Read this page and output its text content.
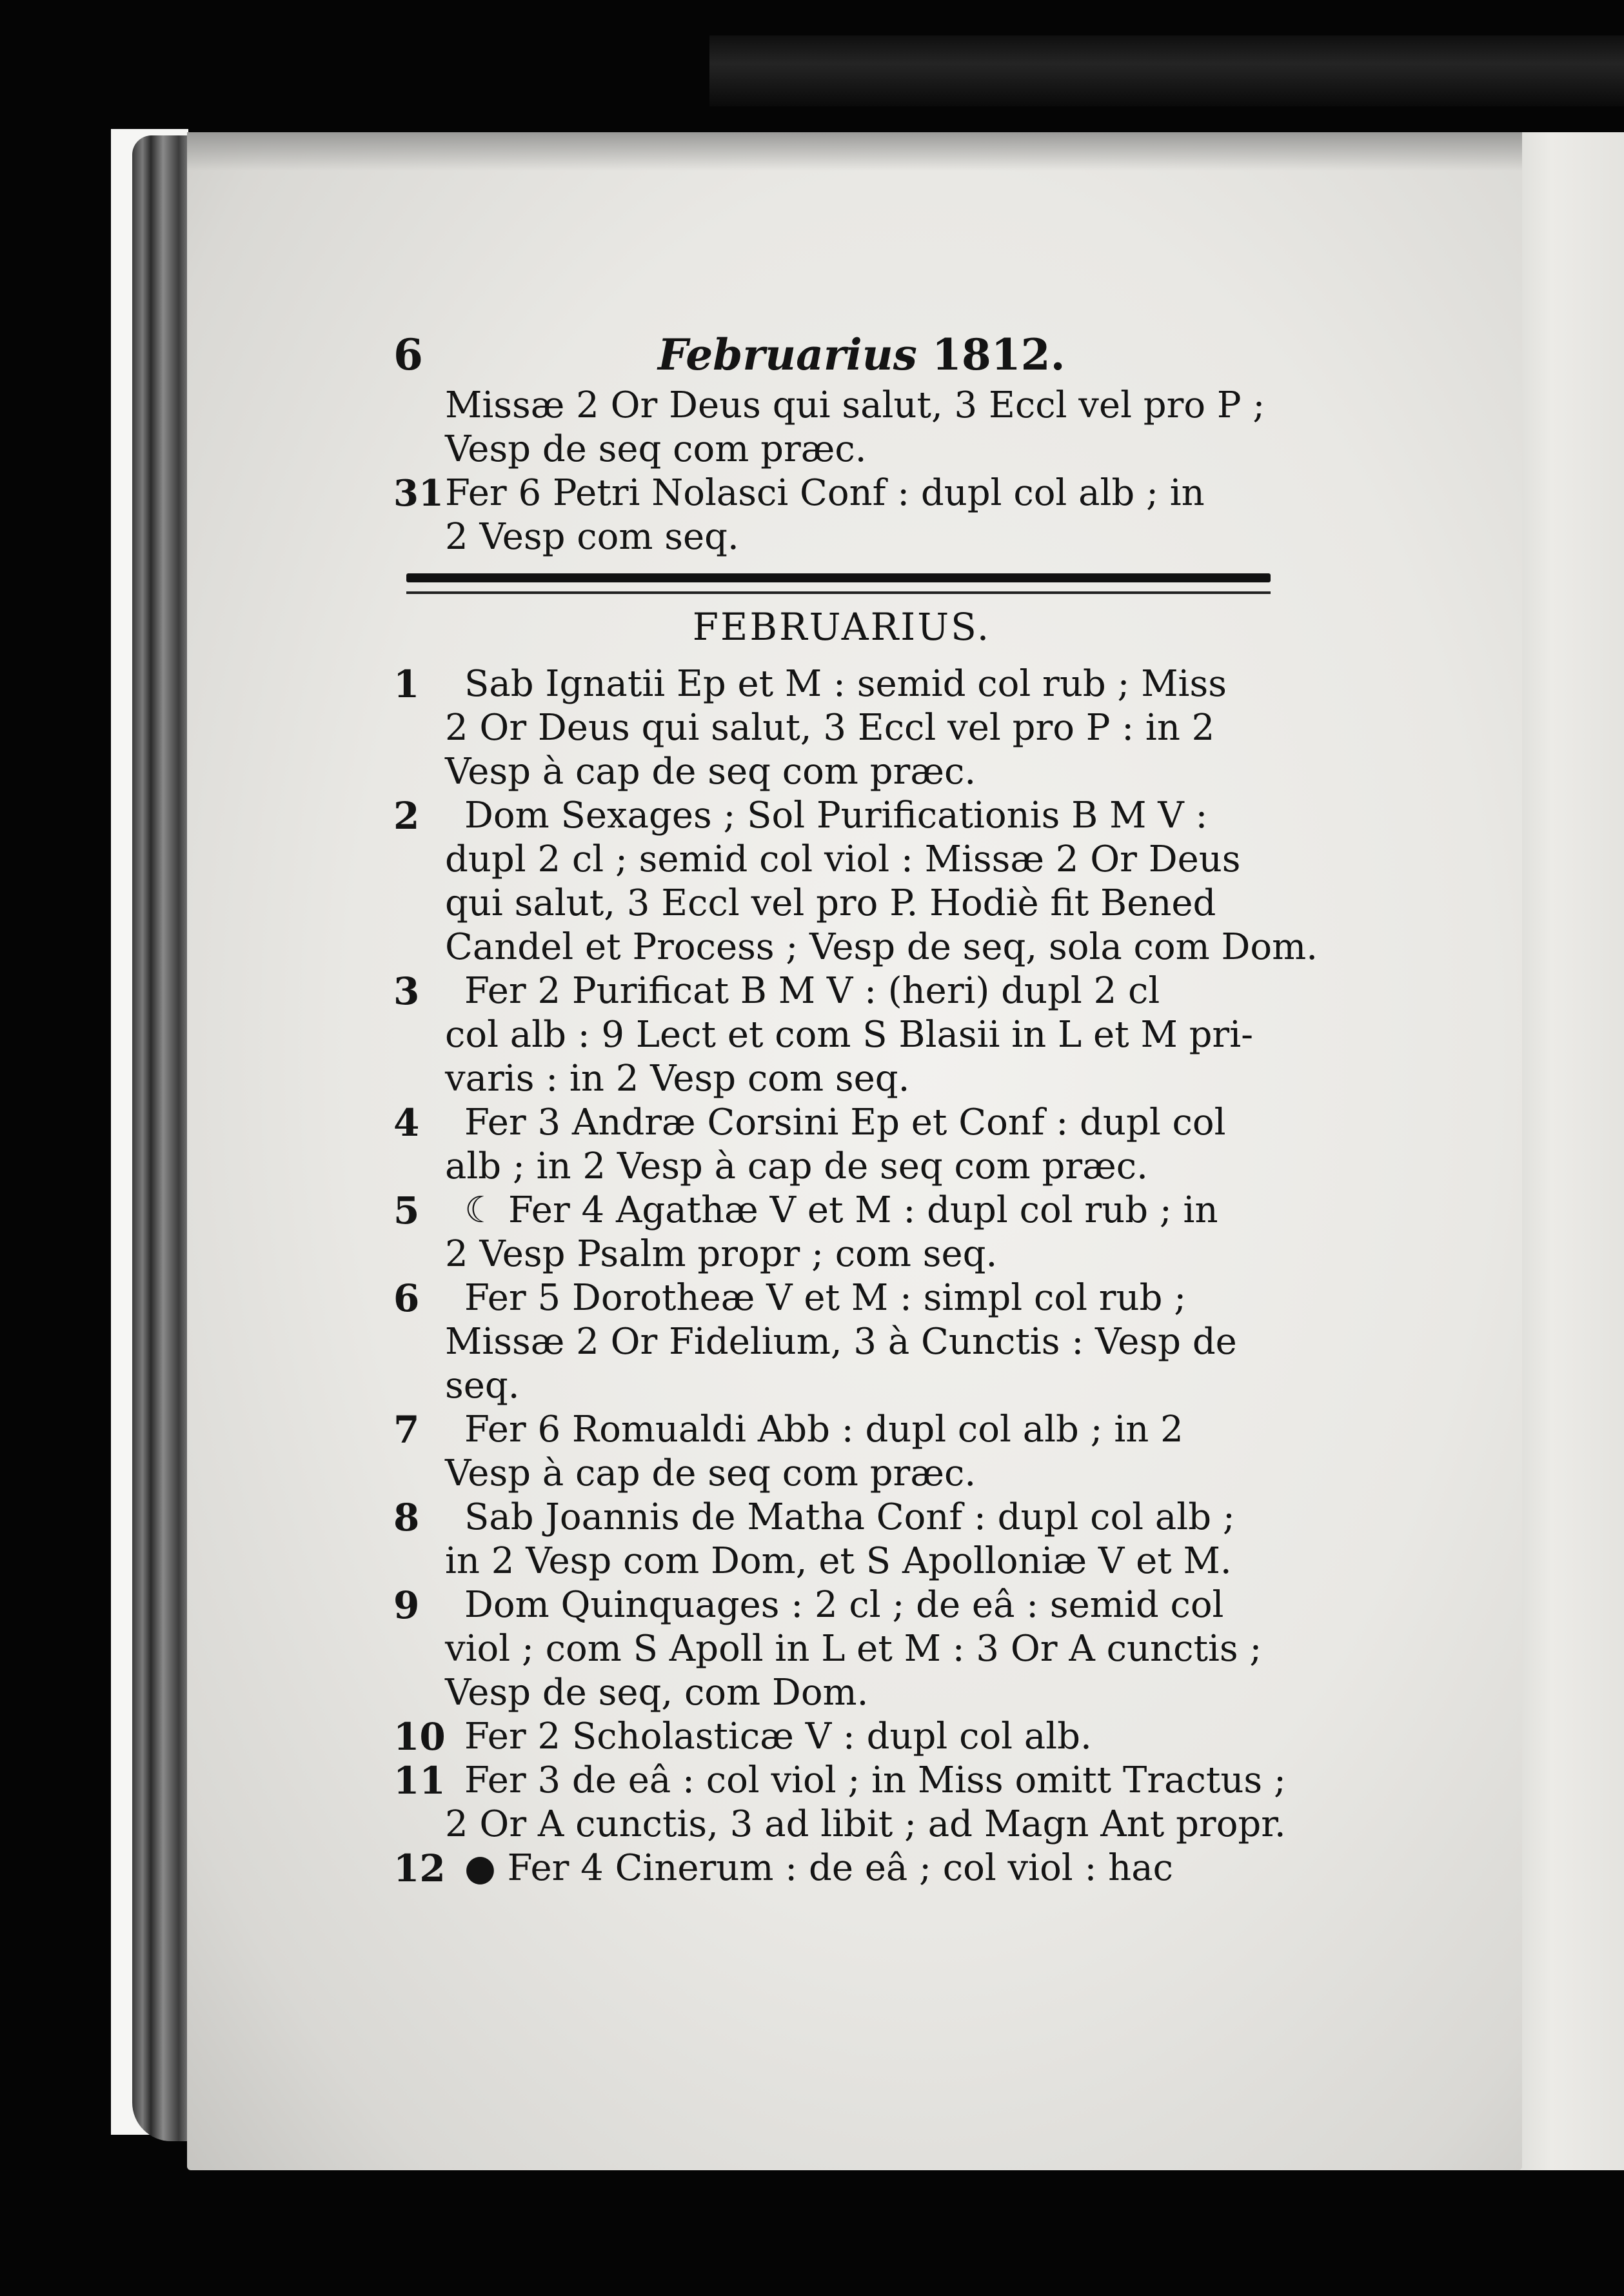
6	Februarius 1812.
Missæ 2 Or Deus qui salut, 3 Eccl vel pro P ;
Vesp de seq com præc.
31 Fer 6 Petri Nolasci Conf : dupl col alb ; in
2 Vesp com seq.
FEBRUARIUS.
1 Sab Ignatii Ep et M : semid col rub ; Miss
2 Or Deus qui salut, 3 Eccl vel pro P : in 2
Vesp à cap de seq com præc.
2 Dom Sexages ; Sol Purificationis B M V :
dupl 2 cl ; semid col viol : Missæ 2 Or Deus
qui salut, 3 Eccl vel pro P. Hodiè fit Bened
Candel et Process ; Vesp de seq, sola com Dom.
3 Fer 2 Purificat B M V : (heri) dupl 2 cl
col alb : 9 Lect et com S Blasii in L et M pri-
varis : in 2 Vesp com seq.
4 Fer 3 Andræ Corsini Ep et Conf : dupl col
alb ; in 2 Vesp à cap de seq com præc.
5 ☾ Fer 4 Agathæ V et M : dupl col rub ; in
2 Vesp Psalm propr ; com seq.
6 Fer 5 Dorotheæ V et M : simpl col rub ;
Missæ 2 Or Fidelium, 3 à Cunctis : Vesp de
seq.
7 Fer 6 Romualdi Abb : dupl col alb ; in 2
Vesp à cap de seq com præc.
8 Sab Joannis de Matha Conf : dupl col alb ;
in 2 Vesp com Dom, et S Apolloniæ V et M.
9 Dom Quinquages : 2 cl ; de eâ : semid col
viol ; com S Apoll in L et M : 3 Or A cunctis ;
Vesp de seq, com Dom.
10 Fer 2 Scholasticæ V : dupl col alb.
11 Fer 3 de eâ : col viol ; in Miss omitt Tractus ;
2 Or A cunctis, 3 ad libit ; ad Magn Ant propr.
12 ● Fer 4 Cinerum : de eâ ; col viol : hac
